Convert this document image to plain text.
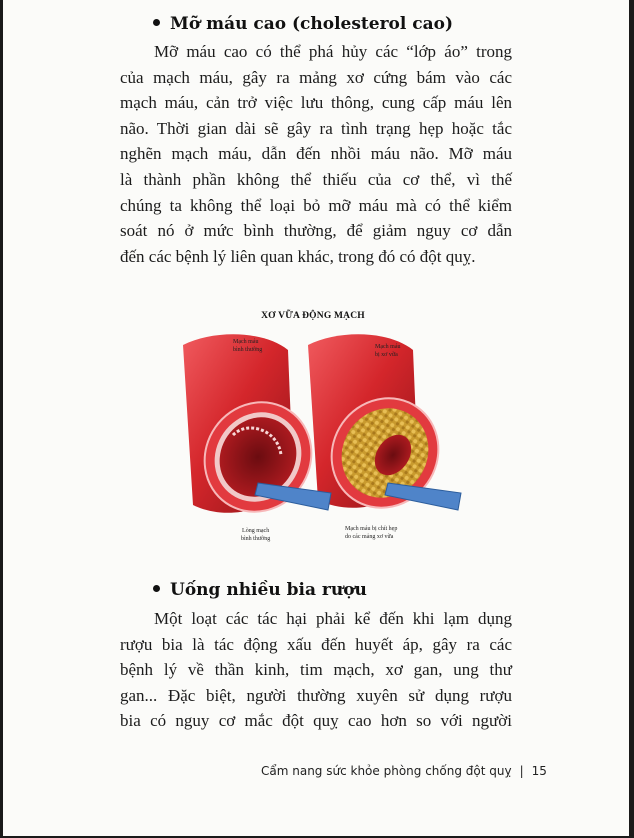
Mỡ máu cao (cholesterol cao)
Mỡ máu cao có thể phá hủy các “lớp áo” trong
của mạch máu, gây ra mảng xơ cứng bám vào các
mạch máu, cản trở việc lưu thông, cung cấp máu lên
não. Thời gian dài sẽ gây ra tình trạng hẹp hoặc tắc
nghẽn mạch máu, dẫn đến nhồi máu não. Mỡ máu
là thành phần không thể thiếu của cơ thể, vì thế
chúng ta không thể loại bỏ mỡ máu mà có thể kiểm
soát nó ở mức bình thường, để giảm nguy cơ dẫn
đến các bệnh lý liên quan khác, trong đó có đột quỵ.
XƠ VỮA ĐỘNG MẠCH
Mạch máu
bình thường	Mạch máu
bị xơ vữa
Lòng mạch
bình thường
Mạch máu bị chít hẹp
do các mảng xơ vữa
Uống nhiều bia rượu
Một loạt các tác hại phải kể đến khi lạm dụng
rượu bia là tác động xấu đến huyết áp, gây ra các
bệnh lý về thần kinh, tim mạch, xơ gan, ung thư
gan... Đặc biệt, người thường xuyên sử dụng rượu
bia có nguy cơ mắc đột quỵ cao hơn so với người
Cẩm nang sức khỏe phòng chống đột quỵ | 15
